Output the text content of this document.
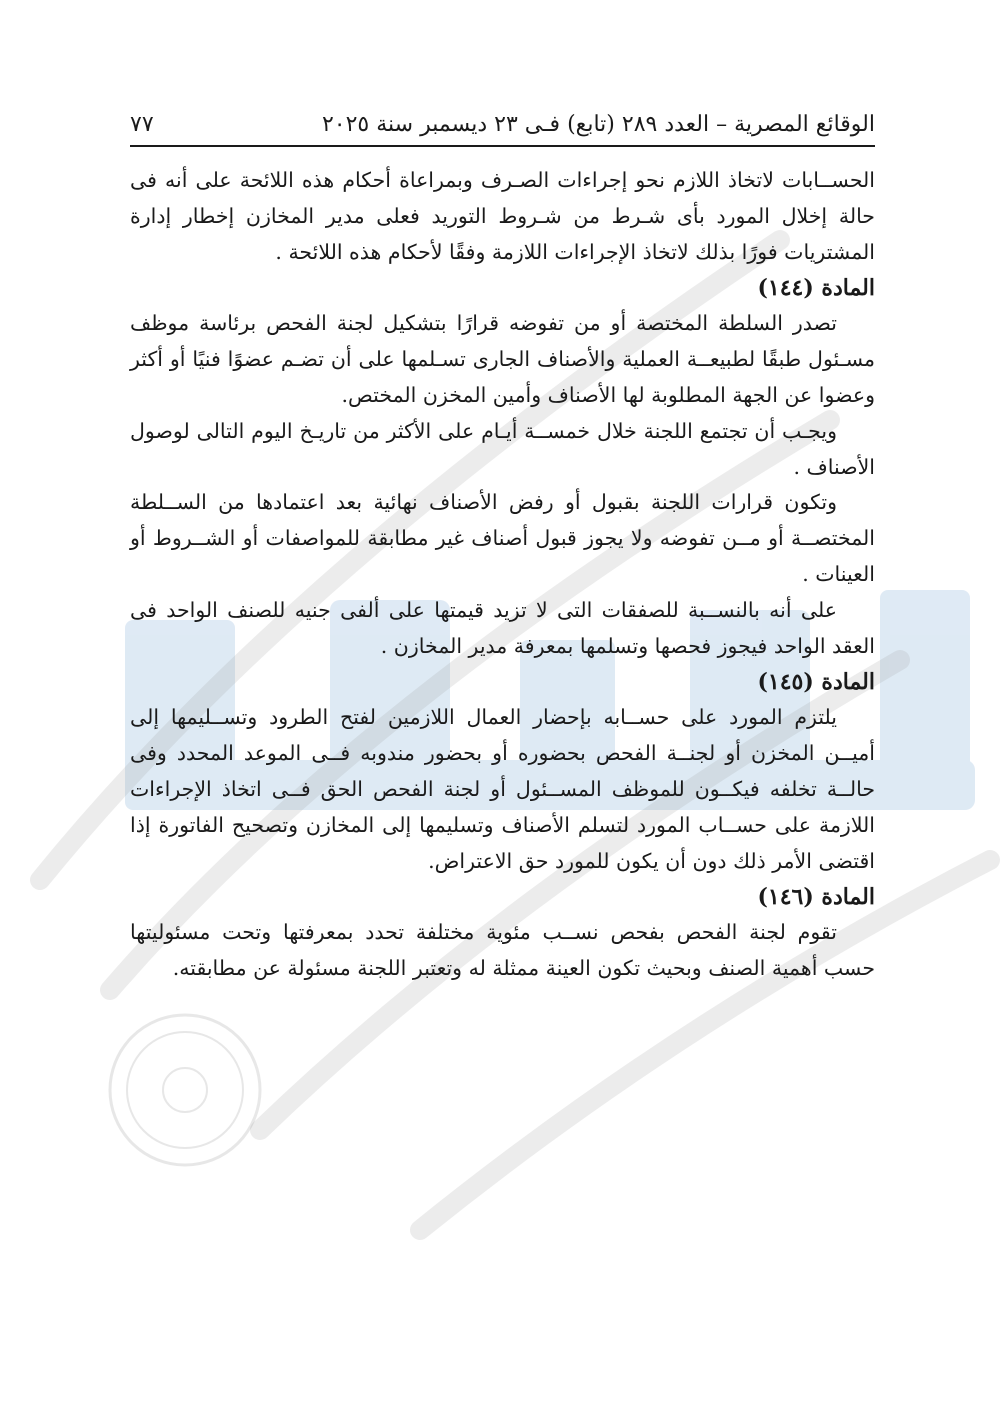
الوقائع المصرية – العدد ٢٨٩ (تابع) فـى ٢٣ ديسمبر سنة ٢٠٢٥
٧٧

الحســابات لاتخاذ اللازم نحو إجراءات الصـرف وبمراعاة أحكام هذه اللائحة على أنه فى حالة إخلال المورد بأى شـرط من شـروط التوريد فعلى مدير المخازن إخطار إدارة المشتريات فورًا بذلك لاتخاذ الإجراءات اللازمة وفقًا لأحكام هذه اللائحة .

المادة (١٤٤)

تصدر السلطة المختصة أو من تفوضه قرارًا بتشكيل لجنة الفحص برئاسة موظف مسـئول طبقًا لطبيعــة العملية والأصناف الجارى تسـلمها على أن تضـم عضوًا فنيًا أو أكثر وعضوا عن الجهة المطلوبة لها الأصناف وأمين المخزن المختص.

ويجـب أن تجتمع اللجنة خلال خمســة أيـام على الأكثر من تاريـخ اليوم التالى لوصول الأصناف .

وتكون قرارات اللجنة بقبول أو رفض الأصناف نهائية بعد اعتمادها من الســلطة المختصــة أو مــن تفوضه ولا يجوز قبول أصناف غير مطابقة للمواصفات أو الشــروط أو العينات .

على أنه بالنســبة للصفقات التى لا تزيد قيمتها على ألفى جنيه للصنف الواحد فى العقد الواحد فيجوز فحصها وتسلمها بمعرفة مدير المخازن .

المادة (١٤٥)

يلتزم المورد على حســابه بإحضار العمال اللازمين لفتح الطرود وتســليمها إلى أميــن المخزن أو لجنــة الفحص بحضوره أو بحضور مندوبه فــى الموعد المحدد وفى حالــة تخلفه فيكــون للموظف المســئول أو لجنة الفحص الحق فــى اتخاذ الإجراءات اللازمة على حســاب المورد لتسلم الأصناف وتسليمها إلى المخازن وتصحيح الفاتورة إذا اقتضى الأمر ذلك دون أن يكون للمورد حق الاعتراض.

المادة (١٤٦)

تقوم لجنة الفحص بفحص نســب مئوية مختلفة تحدد بمعرفتها وتحت مسئوليتها حسب أهمية الصنف وبحيث تكون العينة ممثلة له وتعتبر اللجنة مسئولة عن مطابقته.
